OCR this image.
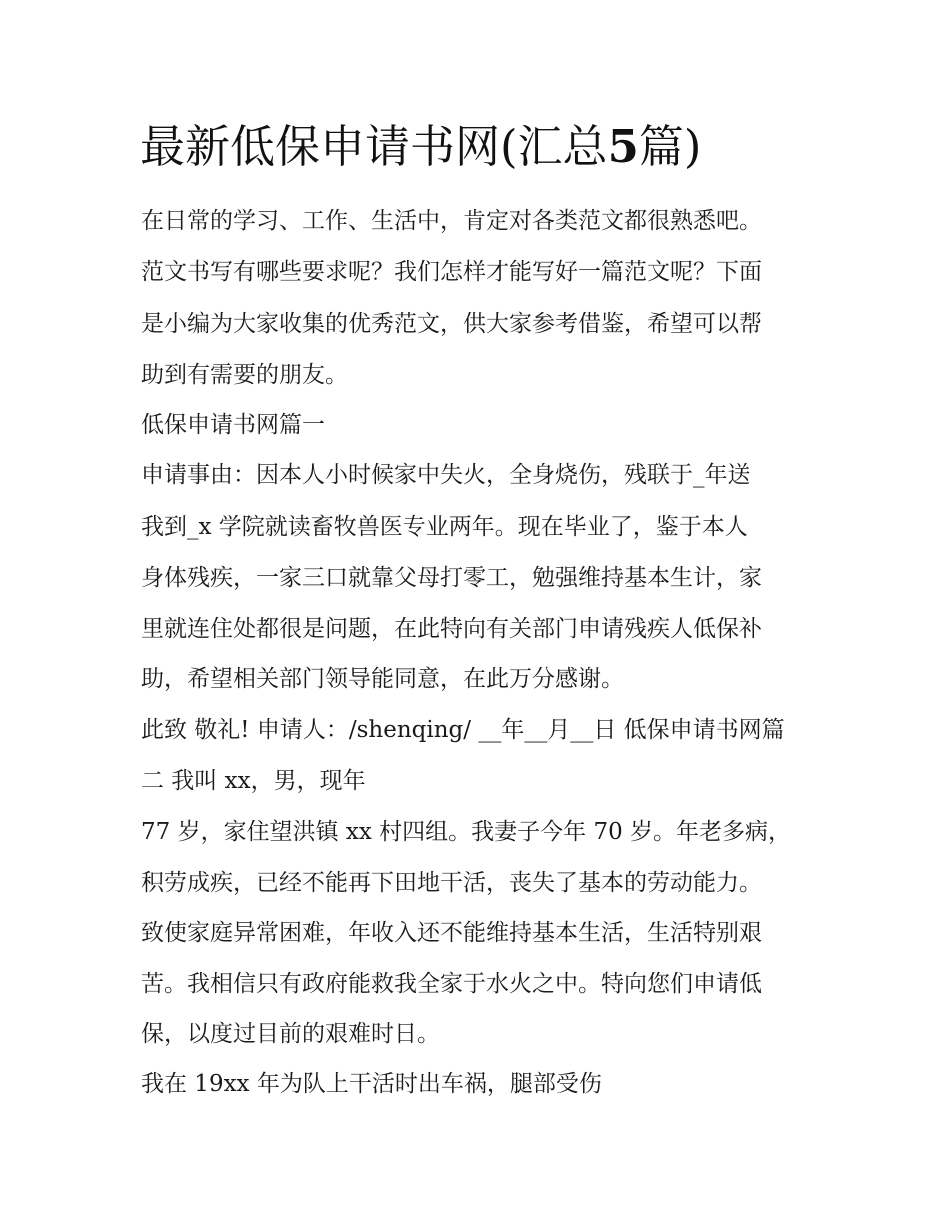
最新低保申请书网(汇总5篇)

在日常的学习、工作、生活中，肯定对各类范文都很熟悉吧。

范文书写有哪些要求呢？我们怎样才能写好一篇范文呢？下面

是小编为大家收集的优秀范文，供大家参考借鉴，希望可以帮

助到有需要的朋友。

低保申请书网篇一

申请事由：因本人小时候家中失火，全身烧伤，残联于_年送

我到_x 学院就读畜牧兽医专业两年。现在毕业了，鉴于本人

身体残疾，一家三口就靠父母打零工，勉强维持基本生计，家

里就连住处都很是问题，在此特向有关部门申请残疾人低保补

助，希望相关部门领导能同意，在此万分感谢。

此致 敬礼! 申请人：/shenqing/ __年__月__日 低保申请书网篇

二 我叫 xx，男，现年

77 岁，家住望洪镇 xx 村四组。我妻子今年 70 岁。年老多病，

积劳成疾，已经不能再下田地干活，丧失了基本的劳动能力。

致使家庭异常困难，年收入还不能维持基本生活，生活特别艰

苦。我相信只有政府能救我全家于水火之中。特向您们申请低

保，以度过目前的艰难时日。

我在 19xx 年为队上干活时出车祸，腿部受伤
